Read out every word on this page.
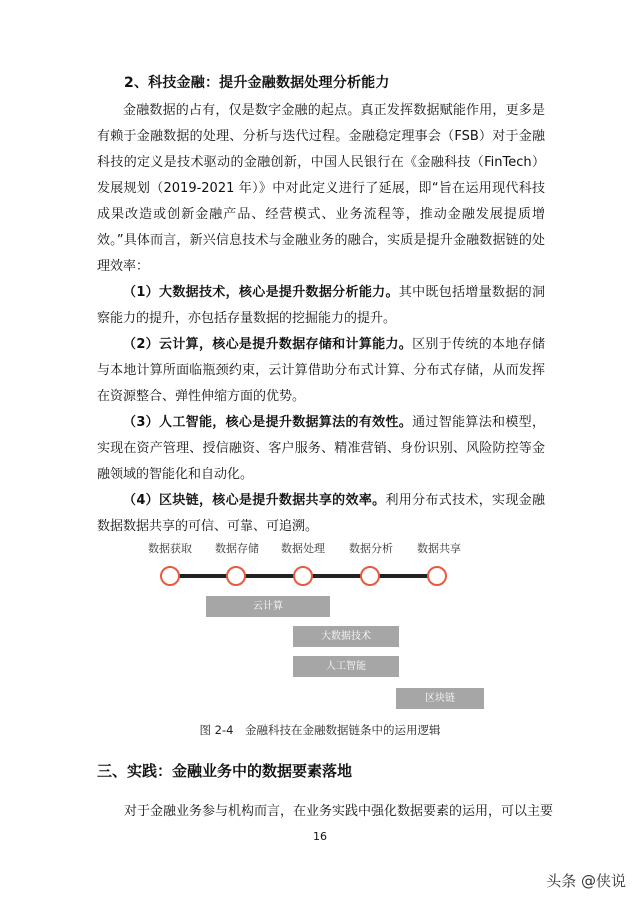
2、科技金融：提升金融数据处理分析能力

金融数据的占有，仅是数字金融的起点。真正发挥数据赋能作用，更多是有赖于金融数据的处理、分析与迭代过程。金融稳定理事会（FSB）对于金融科技的定义是技术驱动的金融创新，中国人民银行在《金融科技（FinTech）发展规划（2019-2021 年）》中对此定义进行了延展，即“旨在运用现代科技成果改造或创新金融产品、经营模式、业务流程等，推动金融发展提质增效。”具体而言，新兴信息技术与金融业务的融合，实质是提升金融数据链的处理效率：

（1）大数据技术，核心是提升数据分析能力。其中既包括增量数据的洞察能力的提升，亦包括存量数据的挖掘能力的提升。

（2）云计算，核心是提升数据存储和计算能力。区别于传统的本地存储与本地计算所面临瓶颈约束，云计算借助分布式计算、分布式存储，从而发挥在资源整合、弹性伸缩方面的优势。

（3）人工智能，核心是提升数据算法的有效性。通过智能算法和模型，实现在资产管理、授信融资、客户服务、精准营销、身份识别、风险防控等金融领域的智能化和自动化。

（4）区块链，核心是提升数据共享的效率。利用分布式技术，实现金融数据数据共享的可信、可靠、可追溯。

数据获取	数据存储	数据处理	数据分析	数据共享
云计算
大数据技术
人工智能
区块链
图 2-4　金融科技在金融数据链条中的运用逻辑
三、实践：金融业务中的数据要素落地
对于金融业务参与机构而言，在业务实践中强化数据要素的运用，可以主要
16
头条 @侠说
